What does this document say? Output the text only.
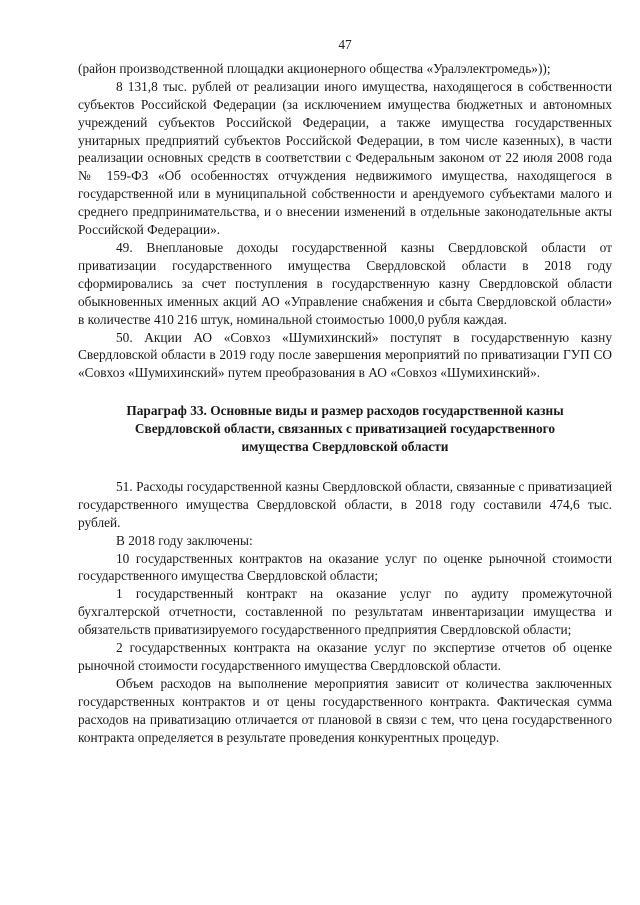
47

(район производственной площадки акционерного общества «Уралэлектромедь»));

8 131,8 тыс. рублей от реализации иного имущества, находящегося в собственности субъектов Российской Федерации (за исключением имущества бюджетных и автономных учреждений субъектов Российской Федерации, а также имущества государственных унитарных предприятий субъектов Российской Федерации, в том числе казенных), в части реализации основных средств в соответствии с Федеральным законом от 22 июля 2008 года № 159-ФЗ «Об особенностях отчуждения недвижимого имущества, находящегося в государственной или в муниципальной собственности и арендуемого субъектами малого и среднего предпринимательства, и о внесении изменений в отдельные законодательные акты Российской Федерации».

49. Внеплановые доходы государственной казны Свердловской области от приватизации государственного имущества Свердловской области в 2018 году сформировались за счет поступления в государственную казну Свердловской области обыкновенных именных акций АО «Управление снабжения и сбыта Свердловской области» в количестве 410 216 штук, номинальной стоимостью 1000,0 рубля каждая.

50. Акции АО «Совхоз «Шумихинский» поступят в государственную казну Свердловской области в 2019 году после завершения мероприятий по приватизации ГУП СО «Совхоз «Шумихинский» путем преобразования в АО «Совхоз «Шумихинский».

Параграф 33. Основные виды и размер расходов государственной казны
Свердловской области, связанных с приватизацией государственного
имущества Свердловской области

51. Расходы государственной казны Свердловской области, связанные с приватизацией государственного имущества Свердловской области, в 2018 году составили 474,6 тыс. рублей.

В 2018 году заключены:

10 государственных контрактов на оказание услуг по оценке рыночной стоимости государственного имущества Свердловской области;

1 государственный контракт на оказание услуг по аудиту промежуточной бухгалтерской отчетности, составленной по результатам инвентаризации имущества и обязательств приватизируемого государственного предприятия Свердловской области;

2 государственных контракта на оказание услуг по экспертизе отчетов об оценке рыночной стоимости государственного имущества Свердловской области.

Объем расходов на выполнение мероприятия зависит от количества заключенных государственных контрактов и от цены государственного контракта. Фактическая сумма расходов на приватизацию отличается от плановой в связи с тем, что цена государственного контракта определяется в результате проведения конкурентных процедур.
